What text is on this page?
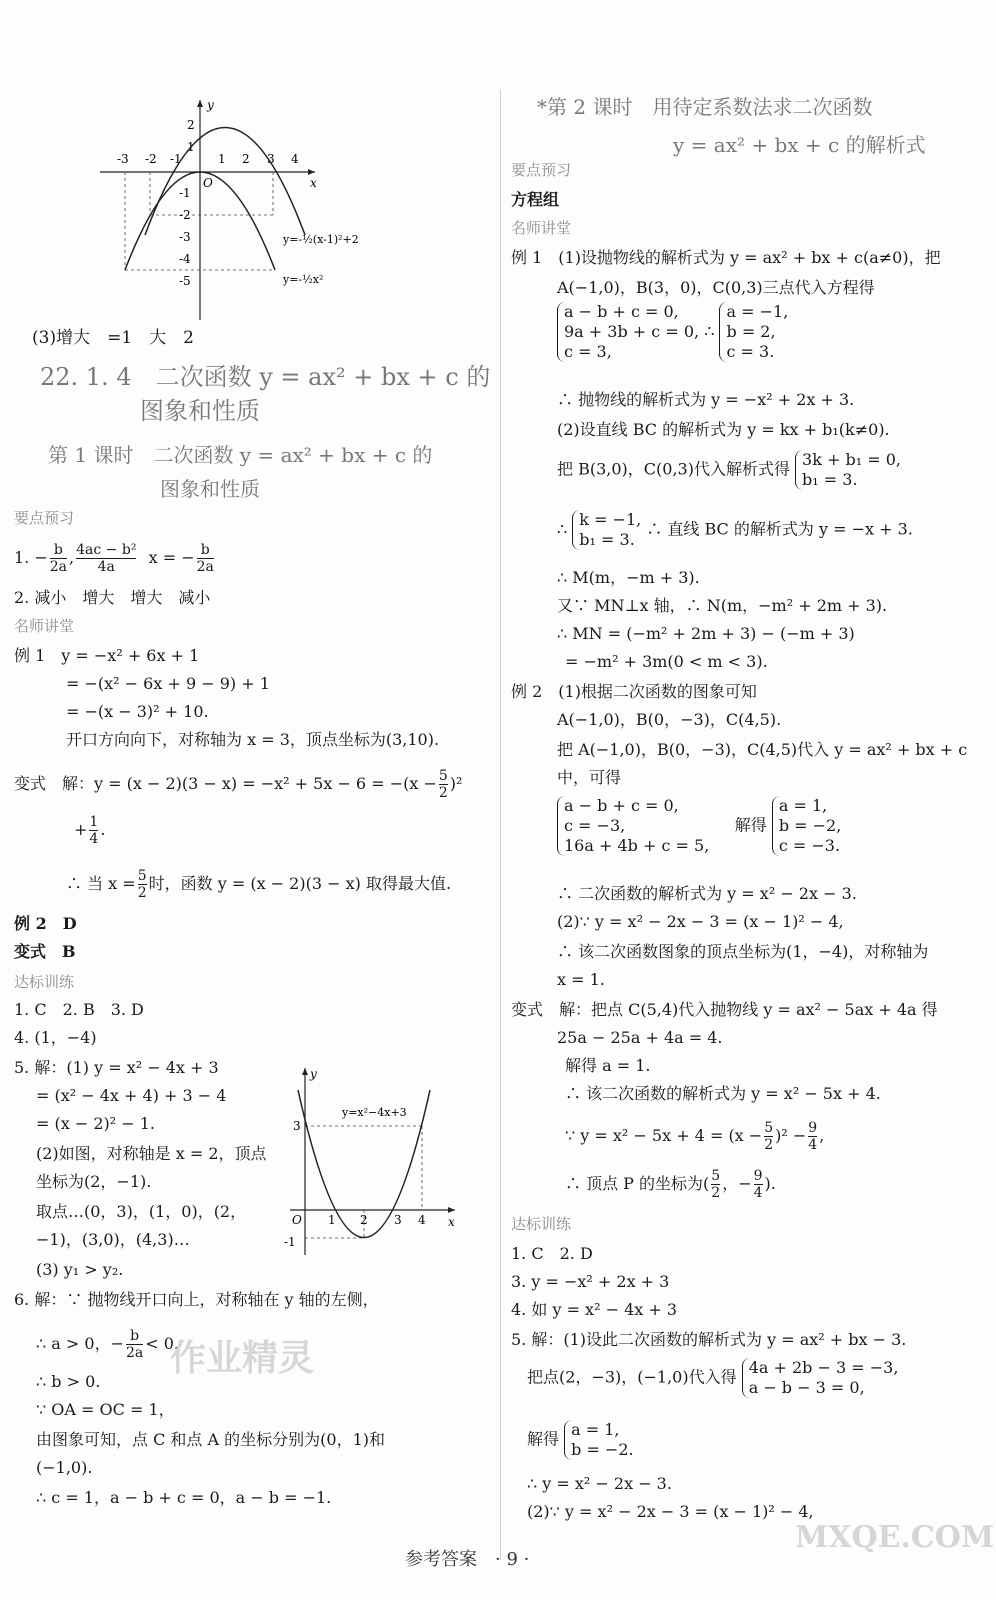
y
x
O
-3 -2 -1	1 2 3 4
2
1
-1
-2
-3
-4
-5
y=-½(x-1)²+2
y=-½x²
(3)增大　=1　大　2
22. 1. 4　二次函数 y = ax² + bx + c 的
图象和性质
第 1 课时　二次函数 y = ax² + bx + c 的
图象和性质
要点预习
1. − $\frac{b}{2a}$ , $\frac{\text{4ac − b²}}{4a}$ x = − $\frac{b}{2a}$
2. 减小　增大　增大　减小
名师讲堂
例 1　y = −x² + 6x + 1
= −(x² − 6x + 9 − 9) + 1
= −(x − 3)² + 10.
开口方向向下，对称轴为 x = 3，顶点坐标为(3,10).
变式　解：$y = (x - 2)(3 - x) = -x^2 + 5x - 6 = -(x - \frac{5}{2} )^2$
+ $\frac{1}{4}$ .
∴ 当 $x = \frac{5}{2}$ 时，函数 y = (x − 2)(3 − x) 取得最大值.
例 2　D
变式　B
达标训练
1. C　2. B　3. D
4. (1，−4)
5. 解：(1) y = x² − 4x + 3
= (x² − 4x + 4) + 3 − 4
= (x − 2)² − 1.
(2)如图，对称轴是 x = 2，顶点
坐标为(2，−1).
取点…(0，3)，(1，0)，(2，
−1)，(3,0)，(4,3)…
(3) y₁ > y₂.
y
x
O 1 2 3 4
3
-1
y=x²−4x+3
6. 解：∵ 抛物线开口向上，对称轴在 y 轴的左侧，
∴ a > 0，− $\frac{b}{2a} < 0$.
∴ b > 0.
∵ OA = OC = 1，
由图象可知，点 C 和点 A 的坐标分别为(0，1)和
(−1,0).
∴ c = 1，a − b + c = 0，a − b = −1.
作业精灵
*第 2 课时　用待定系数法求二次函数
y = ax² + bx + c 的解析式
要点预习
方程组
名师讲堂
例 1　(1)设抛物线的解析式为 y = ax² + bx + c(a≠0)，把
A(−1,0)，B(3，0)，C(0,3)三点代入方程得
a − b + c = 0,
9a + 3b + c = 0,
c = 3,
∴
a = −1,
b = 2,
c = 3.
∴ 抛物线的解析式为 y = −x² + 2x + 3.
(2)设直线 BC 的解析式为 y = kx + b₁(k≠0).
把 B(3,0)，C(0,3)代入解析式得 3k + b₁ = 0,
b₁ = 3.
∴ k = −1,
b₁ = 3.
∴ 直线 BC 的解析式为 y = −x + 3.
∴ M(m，−m + 3).
又∵ MN⊥x 轴，∴ N(m，−m² + 2m + 3).
∴ MN = (−m² + 2m + 3) − (−m + 3)
= −m² + 3m(0 < m < 3).
例 2　(1)根据二次函数的图象可知
A(−1,0)，B(0，−3)，C(4,5).
把 A(−1,0)，B(0，−3)，C(4,5)代入 y = ax² + bx + c
中，可得
a − b + c = 0,
c = −3,
16a + 4b + c = 5,
解得
a = 1,
b = −2,
c = −3.
∴ 二次函数的解析式为 y = x² − 2x − 3.
(2)∵ y = x² − 2x − 3 = (x − 1)² − 4,
∴ 该二次函数图象的顶点坐标为(1，−4)，对称轴为
x = 1.
变式　解：把点 C(5,4)代入抛物线 y = ax² − 5ax + 4a 得
25a − 25a + 4a = 4.
解得 a = 1.
∴ 该二次函数的解析式为 y = x² − 5x + 4.
∵ $y = x^2 - 5x + 4 = (x - \frac{5}{2} )^2 - \frac{9}{4}$ ,
∴ 顶点 P 的坐标为( $\frac{5}{2}$ ，− $\frac{9}{4}$ ).
达标训练
1. C　2. D
3. y = −x² + 2x + 3
4. 如 y = x² − 4x + 3
5. 解：(1)设此二次函数的解析式为 y = ax² + bx − 3.
把点(2，−3)，(−1,0)代入得 4a + 2b − 3 = −3,
a − b − 3 = 0,
解得 a = 1,
b = −2.
∴ y = x² − 2x − 3.
(2)∵ y = x² − 2x − 3 = (x − 1)² − 4,
MXQE.COM
参考答案　· 9 ·
